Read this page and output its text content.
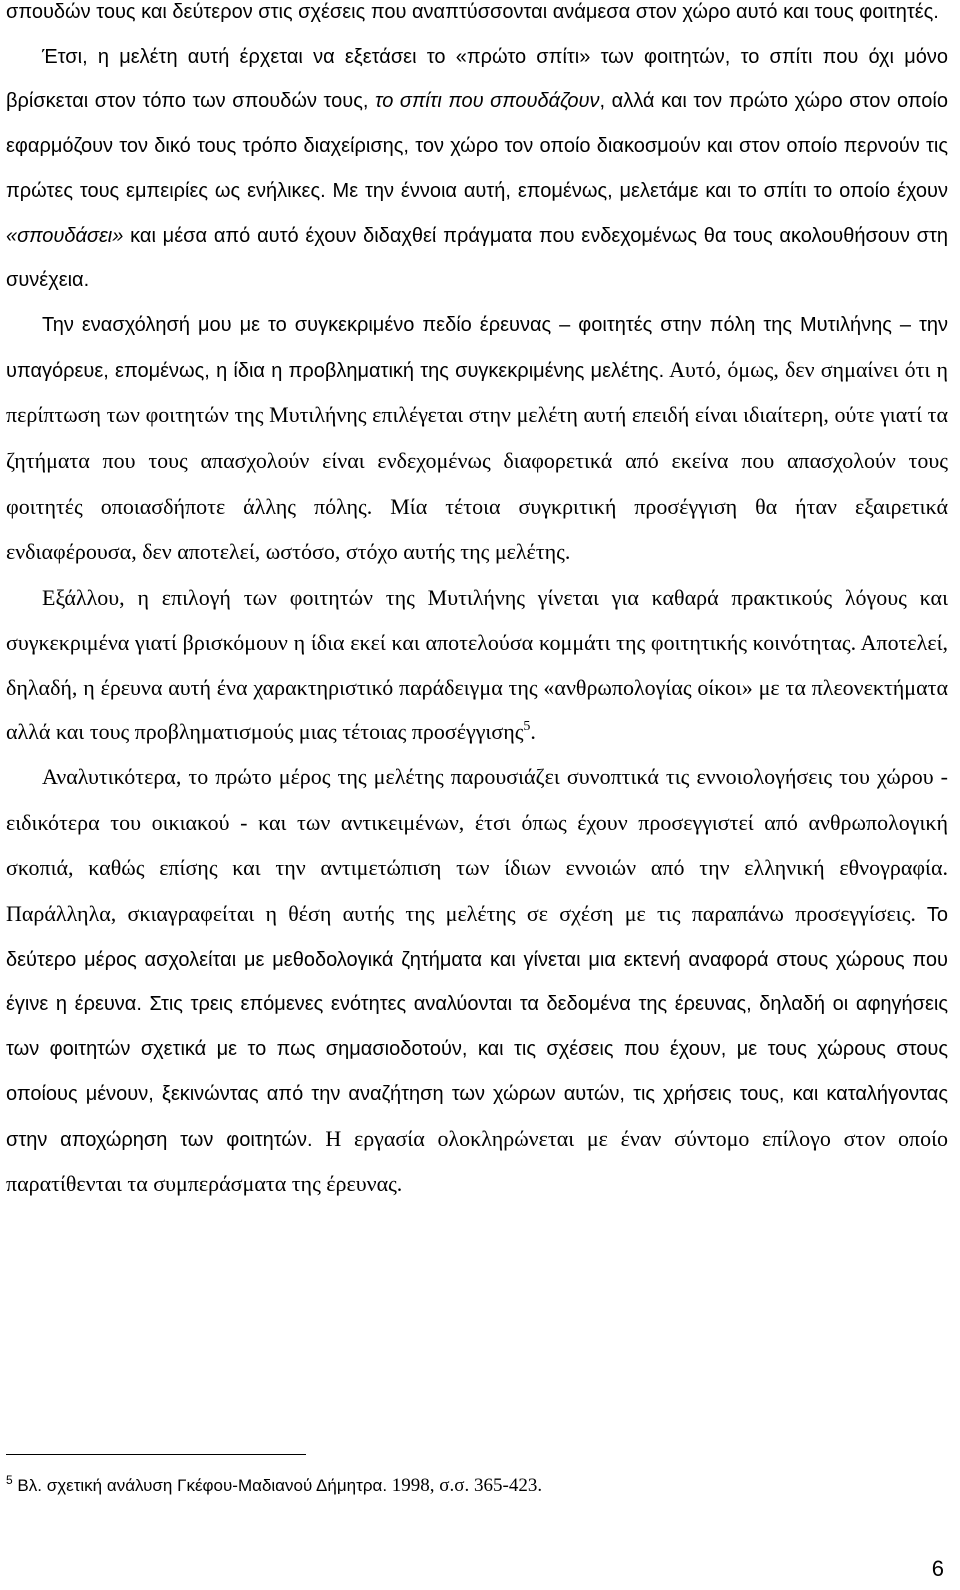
σπουδών τους και δεύτερον στις σχέσεις που αναπτύσσονται ανάμεσα στον χώρο αυτό και τους φοιτητές.

Έτσι, η μελέτη αυτή έρχεται να εξετάσει το «πρώτο σπίτι» των φοιτητών, το σπίτι που όχι μόνο βρίσκεται στον τόπο των σπουδών τους, το σπίτι που σπουδάζουν, αλλά και τον πρώτο χώρο στον οποίο εφαρμόζουν τον δικό τους τρόπο διαχείρισης, τον χώρο τον οποίο διακοσμούν και στον οποίο περνούν τις πρώτες τους εμπειρίες ως ενήλικες. Με την έννοια αυτή, επομένως, μελετάμε και το σπίτι το οποίο έχουν «σπουδάσει» και μέσα από αυτό έχουν διδαχθεί πράγματα που ενδεχομένως θα τους ακολουθήσουν στη συνέχεια.

Την ενασχόλησή μου με το συγκεκριμένο πεδίο έρευνας – φοιτητές στην πόλη της Μυτιλήνης – την υπαγόρευε, επομένως, η ίδια η προβληματική της συγκεκριμένης μελέτης. Αυτό, όμως, δεν σημαίνει ότι η περίπτωση των φοιτητών της Μυτιλήνης επιλέγεται στην μελέτη αυτή επειδή είναι ιδιαίτερη, ούτε γιατί τα ζητήματα που τους απασχολούν είναι ενδεχομένως διαφορετικά από εκείνα που απασχολούν τους φοιτητές οποιασδήποτε άλλης πόλης. Μία τέτοια συγκριτική προσέγγιση θα ήταν εξαιρετικά ενδιαφέρουσα, δεν αποτελεί, ωστόσο, στόχο αυτής της μελέτης.

Εξάλλου, η επιλογή των φοιτητών της Μυτιλήνης γίνεται για καθαρά πρακτικούς λόγους και συγκεκριμένα γιατί βρισκόμουν η ίδια εκεί και αποτελούσα κομμάτι της φοιτητικής κοινότητας. Αποτελεί, δηλαδή, η έρευνα αυτή ένα χαρακτηριστικό παράδειγμα της «ανθρωπολογίας οίκοι» με τα πλεονεκτήματα αλλά και τους προβληματισμούς μιας τέτοιας προσέγγισης$^5$.

Αναλυτικότερα, το πρώτο μέρος της μελέτης παρουσιάζει συνοπτικά τις εννοιολογήσεις του χώρου - ειδικότερα του οικιακού - και των αντικειμένων, έτσι όπως έχουν προσεγγιστεί από ανθρωπολογική σκοπιά, καθώς επίσης και την αντιμετώπιση των ίδιων εννοιών από την ελληνική εθνογραφία. Παράλληλα, σκιαγραφείται η θέση αυτής της μελέτης σε σχέση με τις παραπάνω προσεγγίσεις. Το δεύτερο μέρος ασχολείται με μεθοδολογικά ζητήματα και γίνεται μια εκτενή αναφορά στους χώρους που έγινε η έρευνα. Στις τρεις επόμενες ενότητες αναλύονται τα δεδομένα της έρευνας, δηλαδή οι αφηγήσεις των φοιτητών σχετικά με το πως σημασιοδοτούν, και τις σχέσεις που έχουν, με τους χώρους στους οποίους μένουν, ξεκινώντας από την αναζήτηση των χώρων αυτών, τις χρήσεις τους, και καταλήγοντας στην αποχώρηση των φοιτητών. Η εργασία ολοκληρώνεται με έναν σύντομο επίλογο στον οποίο παρατίθενται τα συμπεράσματα της έρευνας.

$^5$ Βλ. σχετική ανάλυση Γκέφου-Μαδιανού Δήμητρα. 1998, σ.σ. 365-423.
6
